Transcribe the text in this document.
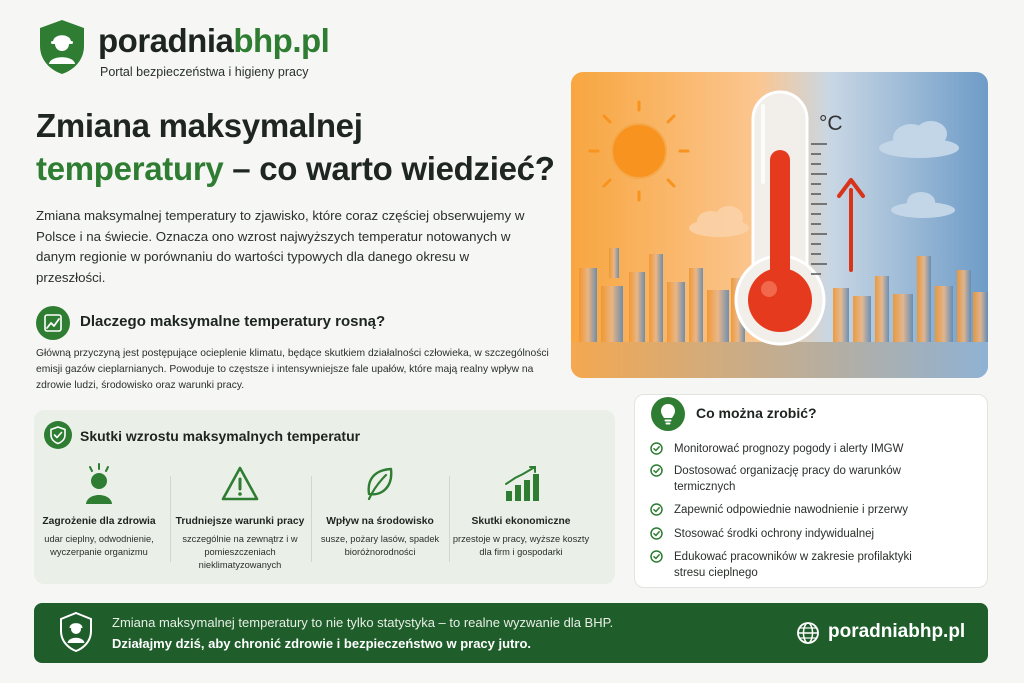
poradniabhp.pl
Portal bezpieczeństwa i higieny pracy
Zmiana maksymalnej
temperatury – co warto wiedzieć?
Zmiana maksymalnej temperatury to zjawisko, które coraz częściej obserwujemy w Polsce i na świecie. Oznacza ono wzrost najwyższych temperatur notowanych w danym regionie w porównaniu do wartości typowych dla danego okresu w przeszłości.
Dlaczego maksymalne temperatury rosną?
Główną przyczyną jest postępujące ocieplenie klimatu, będące skutkiem działalności człowieka, w szczególności emisji gazów cieplarnianych. Powoduje to częstsze i intensywniejsze fale upałów, które mają realny wpływ na zdrowie ludzi, środowisko oraz warunki pracy.
°C
Skutki wzrostu maksymalnych temperatur
Zagrożenie dla zdrowia
udar cieplny, odwodnienie, wyczerpanie organizmu
Trudniejsze warunki pracy
szczególnie na zewnątrz i w pomieszczeniach nieklimatyzowanych
Wpływ na środowisko
susze, pożary lasów, spadek bioróżnorodności
Skutki ekonomiczne
przestoje w pracy, wyższe koszty dla firm i gospodarki
Co można zrobić?
Monitorować prognozy pogody i alerty IMGW
Dostosować organizację pracy do warunków termicznych
Zapewnić odpowiednie nawodnienie i przerwy
Stosować środki ochrony indywidualnej
Edukować pracowników w zakresie profilaktyki stresu cieplnego
Zmiana maksymalnej temperatury to nie tylko statystyka – to realne wyzwanie dla BHP.
Działajmy dziś, aby chronić zdrowie i bezpieczeństwo w pracy jutro.
poradniabhp.pl
